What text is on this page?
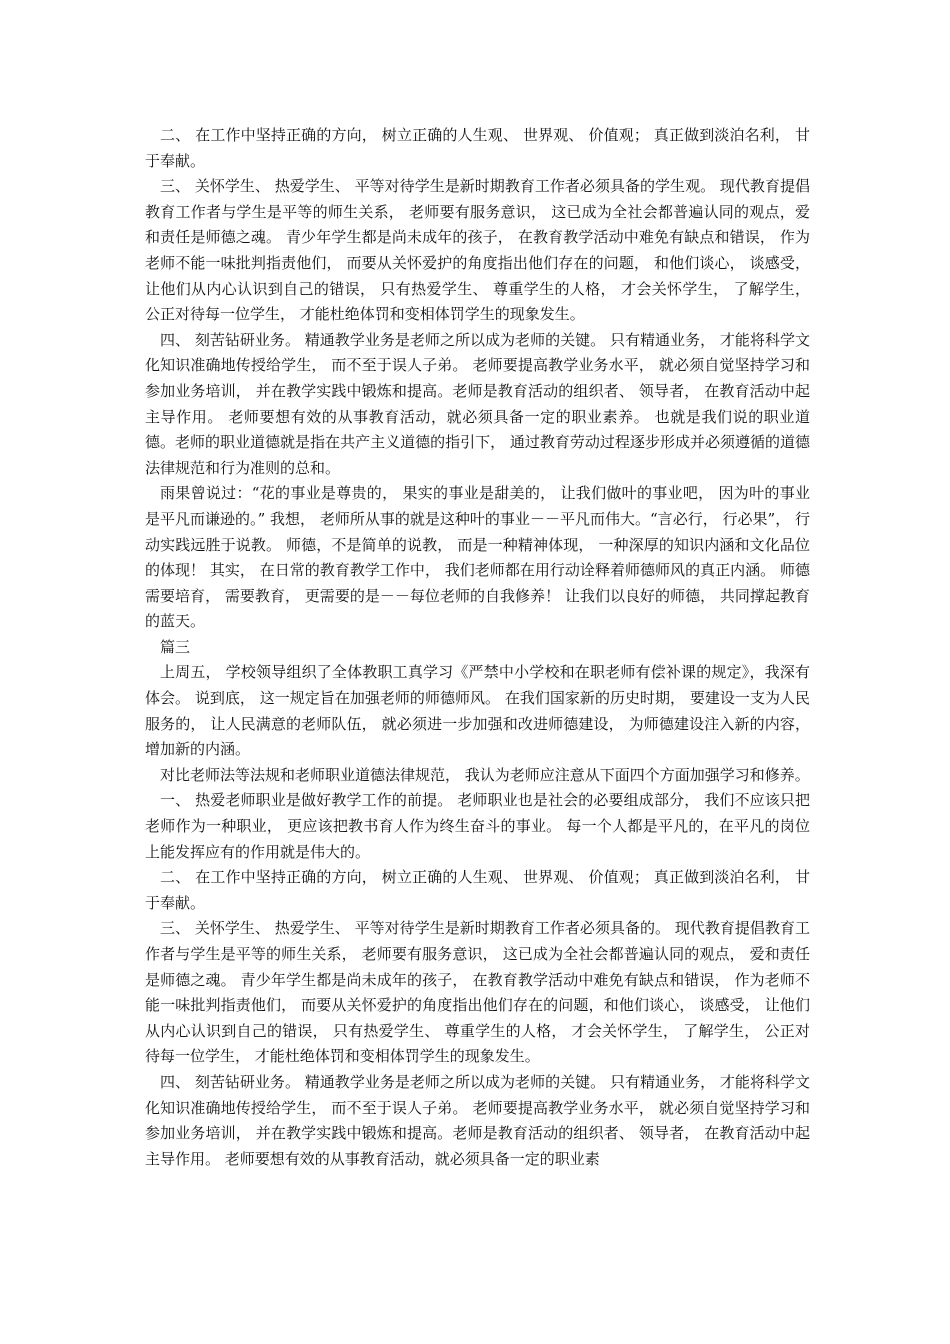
二、 在工作中坚持正确的方向， 树立正确的人生观、 世界观、 价值观； 真正做到淡泊名利， 甘于奉献。

三、 关怀学生、 热爱学生、 平等对待学生是新时期教育工作者必须具备的学生观。 现代教育提倡教育工作者与学生是平等的师生关系， 老师要有服务意识， 这已成为全社会都普遍认同的观点，爱和责任是师德之魂。 青少年学生都是尚未成年的孩子， 在教育教学活动中难免有缺点和错误， 作为老师不能一味批判指责他们， 而要从关怀爱护的角度指出他们存在的问题， 和他们谈心， 谈感受，让他们从内心认识到自己的错误， 只有热爱学生、 尊重学生的人格， 才会关怀学生， 了解学生， 公正对待每一位学生， 才能杜绝体罚和变相体罚学生的现象发生。

四、 刻苦钻研业务。 精通教学业务是老师之所以成为老师的关键。 只有精通业务， 才能将科学文化知识准确地传授给学生， 而不至于误人子弟。 老师要提高教学业务水平， 就必须自觉坚持学习和参加业务培训， 并在教学实践中锻炼和提高。老师是教育活动的组织者、 领导者， 在教育活动中起主导作用。 老师要想有效的从事教育活动，就必须具备一定的职业素养。 也就是我们说的职业道德。老师的职业道德就是指在共产主义道德的指引下， 通过教育劳动过程逐步形成并必须遵循的道德法律规范和行为准则的总和。

雨果曾说过：“花的事业是尊贵的， 果实的事业是甜美的， 让我们做叶的事业吧， 因为叶的事业是平凡而谦逊的。” 我想， 老师所从事的就是这种叶的事业－－平凡而伟大。“言必行， 行必果”， 行动实践远胜于说教。 师德，不是简单的说教， 而是一种精神体现， 一种深厚的知识内涵和文化品位的体现！ 其实， 在日常的教育教学工作中， 我们老师都在用行动诠释着师德师风的真正内涵。 师德需要培育， 需要教育， 更需要的是－－每位老师的自我修养！ 让我们以良好的师德， 共同撑起教育的蓝天。

篇三

上周五， 学校领导组织了全体教职工真学习《严禁中小学校和在职老师有偿补课的规定》，我深有体会。 说到底， 这一规定旨在加强老师的师德师风。 在我们国家新的历史时期， 要建设一支为人民服务的， 让人民满意的老师队伍， 就必须进一步加强和改进师德建设， 为师德建设注入新的内容，增加新的内涵。

对比老师法等法规和老师职业道德法律规范， 我认为老师应注意从下面四个方面加强学习和修养。

一、 热爱老师职业是做好教学工作的前提。 老师职业也是社会的必要组成部分， 我们不应该只把老师作为一种职业， 更应该把教书育人作为终生奋斗的事业。 每一个人都是平凡的，在平凡的岗位上能发挥应有的作用就是伟大的。

二、 在工作中坚持正确的方向， 树立正确的人生观、 世界观、 价值观； 真正做到淡泊名利， 甘于奉献。

三、 关怀学生、 热爱学生、 平等对待学生是新时期教育工作者必须具备的。 现代教育提倡教育工作者与学生是平等的师生关系， 老师要有服务意识， 这已成为全社会都普遍认同的观点， 爱和责任是师德之魂。 青少年学生都是尚未成年的孩子， 在教育教学活动中难免有缺点和错误， 作为老师不能一味批判指责他们， 而要从关怀爱护的角度指出他们存在的问题，和他们谈心， 谈感受， 让他们从内心认识到自己的错误， 只有热爱学生、 尊重学生的人格， 才会关怀学生， 了解学生， 公正对待每一位学生， 才能杜绝体罚和变相体罚学生的现象发生。

四、 刻苦钻研业务。 精通教学业务是老师之所以成为老师的关键。 只有精通业务， 才能将科学文化知识准确地传授给学生， 而不至于误人子弟。 老师要提高教学业务水平， 就必须自觉坚持学习和参加业务培训， 并在教学实践中锻炼和提高。老师是教育活动的组织者、 领导者， 在教育活动中起主导作用。 老师要想有效的从事教育活动，就必须具备一定的职业素
